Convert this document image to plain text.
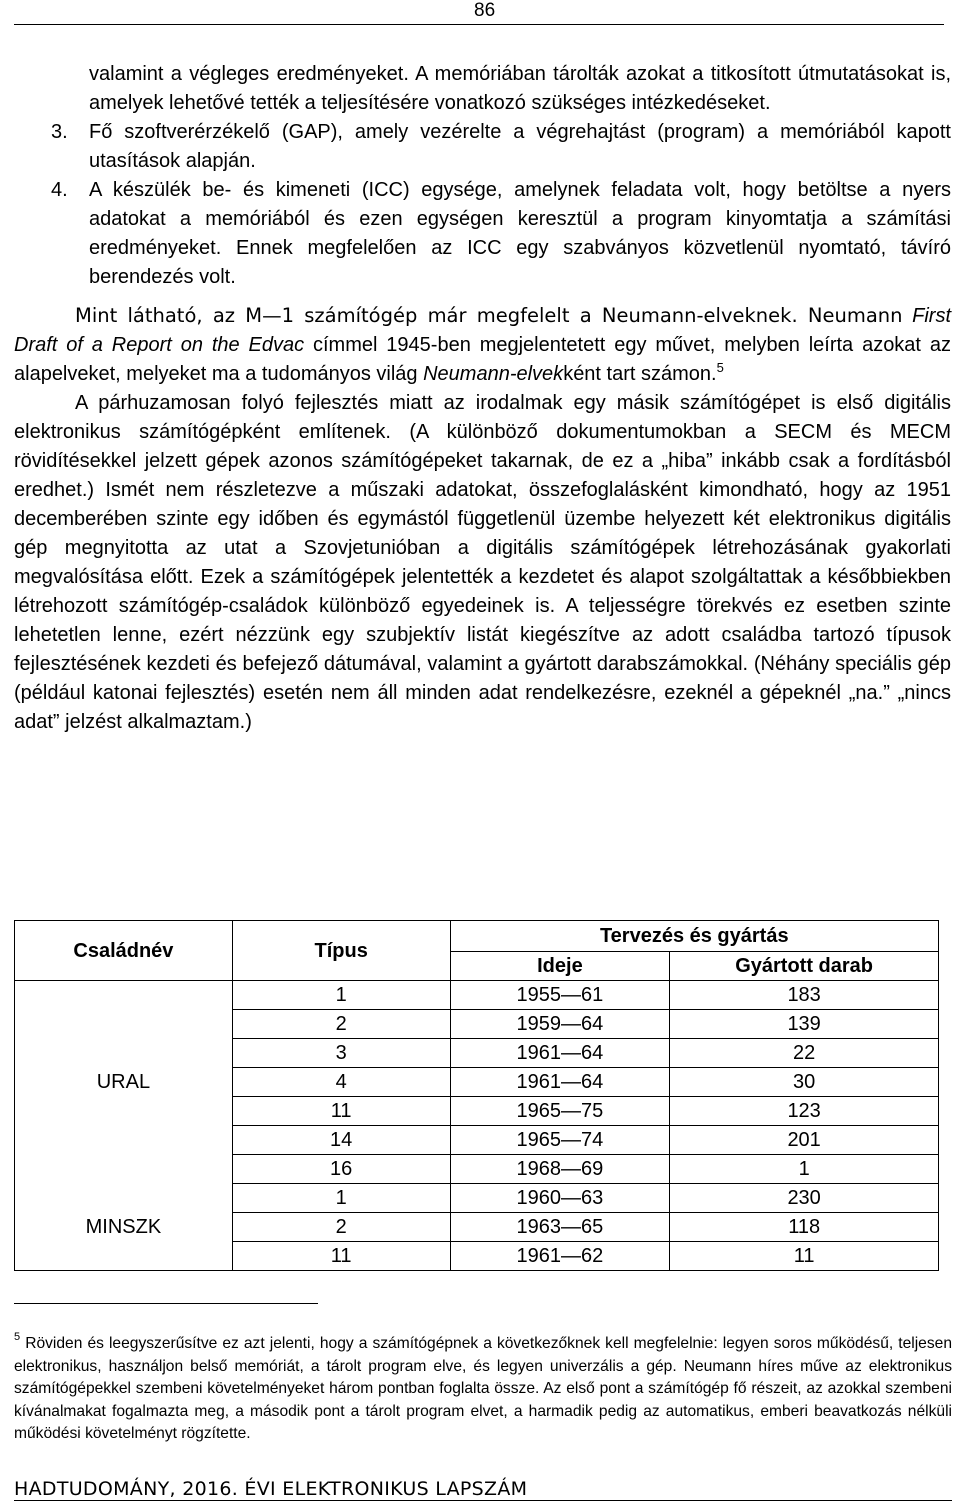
86
valamint a végleges eredményeket. A memóriában tárolták azokat a titkosított útmutatásokat is, amelyek lehetővé tették a teljesítésére vonatkozó szükséges intézkedéseket.
3. Fő szoftverérzékelő (GAP), amely vezérelte a végrehajtást (program) a memóriából kapott utasítások alapján.
4. A készülék be- és kimeneti (ICC) egysége, amelynek feladata volt, hogy betöltse a nyers adatokat a memóriából és ezen egységen keresztül a program kinyomtatja a számítási eredményeket. Ennek megfelelően az ICC egy szabványos közvetlenül nyomtató, távíró berendezés volt.
Mint látható, az M—1 számítógép már megfelelt a Neumann-elveknek. Neumann First Draft of a Report on the Edvac címmel 1945-ben megjelentetett egy művet, melyben leírta azokat az alapelveket, melyeket ma a tudományos világ Neumann-elvekként tart számon.$^5$
A párhuzamosan folyó fejlesztés miatt az irodalmak egy másik számítógépet is első digitális elektronikus számítógépként említenek. (A különböző dokumentumokban a SECM és MECM rövidítésekkel jelzett gépek azonos számítógépeket takarnak, de ez a „hiba” inkább csak a fordításból eredhet.) Ismét nem részletezve a műszaki adatokat, összefoglalásként kimondható, hogy az 1951 decemberében szinte egy időben és egymástól függetlenül üzembe helyezett két elektronikus digitális gép megnyitotta az utat a Szovjetunióban a digitális számítógépek létrehozásának gyakorlati megvalósítása előtt. Ezek a számítógépek jelentették a kezdetet és alapot szolgáltattak a későbbiekben létrehozott számítógép-családok különböző egyedeinek is. A teljességre törekvés ez esetben szinte lehetetlen lenne, ezért nézzünk egy szubjektív listát kiegészítve az adott családba tartozó típusok fejlesztésének kezdeti és befejező dátumával, valamint a gyártott darabszámokkal. (Néhány speciális gép (például katonai fejlesztés) esetén nem áll minden adat rendelkezésre, ezeknél a gépeknél „na.” „nincs adat” jelzést alkalmaztam.)
Családnév	Típus	Tervezés és gyártás	
		Ideje	Gyártott darab
URAL	1	1955—61	183
	2	1959—64	139
	3	1961—64	22
	4	1961—64	30
	11	1965—75	123
	14	1965—74	201
	16	1968—69	1
MINSZK	1	1960—63	230
	2	1963—65	118
	11	1961—62	11
$^5$ Röviden és leegyszerűsítve ez azt jelenti, hogy a számítógépnek a következőknek kell megfelelnie: legyen soros működésű, teljesen elektronikus, használjon belső memóriát, a tárolt program elve, és legyen univerzális a gép. Neumann híres műve az elektronikus számítógépekkel szembeni követelményeket három pontban foglalta össze. Az első pont a számítógép fő részeit, az azokkal szembeni kívánalmakat fogalmazta meg, a második pont a tárolt program elvet, a harmadik pedig az automatikus, emberi beavatkozás nélküli működési követelményt rögzítette.
HADTUDOMÁNY, 2016. ÉVI ELEKTRONIKUS LAPSZÁM
